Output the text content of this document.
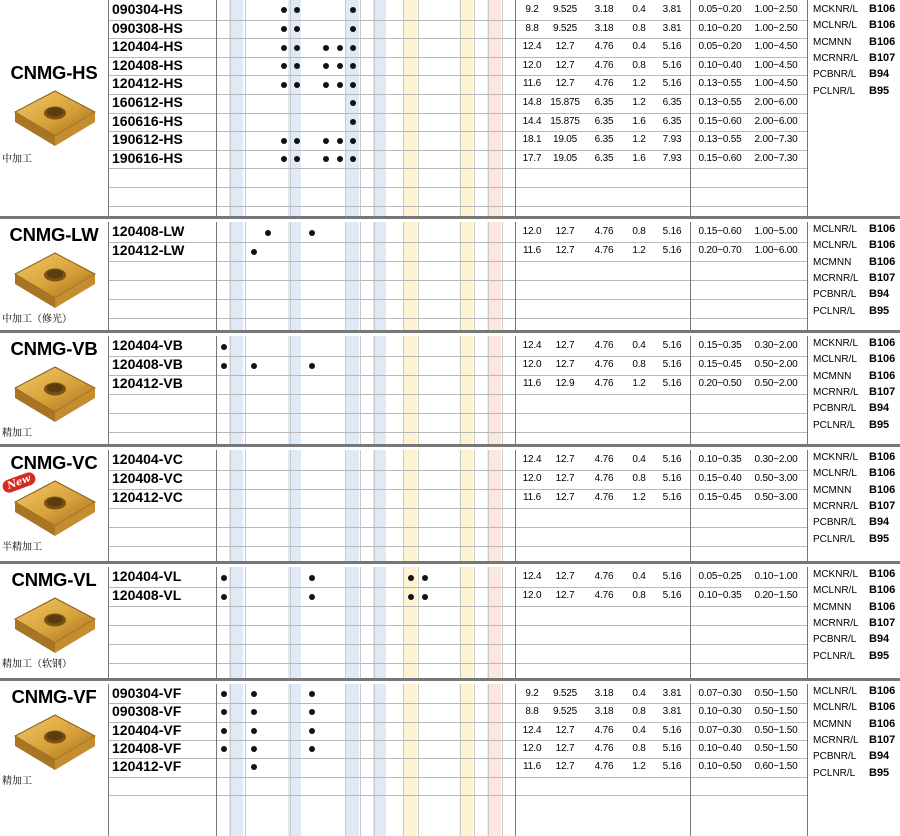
CNMG-HS
中加工
090304-HS	9.2	9.525	3.18	0.4	3.81	0.05~0.20	1.00~2.50
090308-HS	8.8	9.525	3.18	0.8	3.81	0.10~0.20	1.00~2.50
120404-HS	12.4	12.7	4.76	0.4	5.16	0.05~0.20	1.00~4.50
120408-HS	12.0	12.7	4.76	0.8	5.16	0.10~0.40	1.00~4.50
120412-HS	11.6	12.7	4.76	1.2	5.16	0.13~0.55	1.00~4.50
160612-HS	14.8 15.875	6.35	1.2	6.35	0.13~0.55	2.00~6.00
160616-HS	14.4 15.875	6.35	1.6	6.35	0.15~0.60	2.00~6.00
190612-HS	18.1	19.05	6.35	1.2	7.93	0.13~0.55	2.00~7.30
190616-HS	17.7	19.05	6.35	1.6	7.93	0.15~0.60	2.00~7.30
MCKNR/L B106
MCLNR/L B106
MCMNN B106
MCRNR/L B107
PCBNR/L B94
PCLNR/L B95
CNMG-LW
中加工（修光）
120408-LW	12.0	12.7	4.76	0.8	5.16	0.15~0.60	1.00~5.00
120412-LW	11.6	12.7	4.76	1.2	5.16	0.20~0.70	1.00~6.00
MCLNR/L B106
MCLNR/L B106
MCMNN B106
MCRNR/L B107
PCBNR/L B94
PCLNR/L B95
CNMG-VB
精加工
120404-VB	12.4	12.7	4.76	0.4	5.16	0.15~0.35	0.30~2.00
120408-VB	12.0	12.7	4.76	0.8	5.16	0.15~0.45	0.50~2.00
120412-VB	11.6	12.9	4.76	1.2	5.16	0.20~0.50	0.50~2.00
MCKNR/L B106
MCLNR/L B106
MCMNN B106
MCRNR/L B107
PCBNR/L B94
PCLNR/L B95
CNMG-VC
New
半精加工
120404-VC	12.4	12.7	4.76	0.4	5.16	0.10~0.35	0.30~2.00
120408-VC	12.0	12.7	4.76	0.8	5.16	0.15~0.40	0.50~3.00
120412-VC	11.6	12.7	4.76	1.2	5.16	0.15~0.45	0.50~3.00
MCKNR/L B106
MCLNR/L B106
MCMNN B106
MCRNR/L B107
PCBNR/L B94
PCLNR/L B95
CNMG-VL
精加工（软钢）
120404-VL	12.4	12.7	4.76	0.4	5.16	0.05~0.25	0.10~1.00
120408-VL	12.0	12.7	4.76	0.8	5.16	0.10~0.35	0.20~1.50
MCKNR/L B106
MCLNR/L B106
MCMNN B106
MCRNR/L B107
PCBNR/L B94
PCLNR/L B95
CNMG-VF
精加工
090304-VF	9.2	9.525	3.18	0.4	3.81	0.07~0.30	0.50~1.50
090308-VF	8.8	9.525	3.18	0.8	3.81	0.10~0.30	0.50~1.50
120404-VF	12.4	12.7	4.76	0.4	5.16	0.07~0.30	0.50~1.50
120408-VF	12.0	12.7	4.76	0.8	5.16	0.10~0.40	0.50~1.50
120412-VF	11.6	12.7	4.76	1.2	5.16	0.10~0.50	0.60~1.50
MCLNR/L B106
MCLNR/L B106
MCMNN B106
MCRNR/L B107
PCBNR/L B94
PCLNR/L B95
